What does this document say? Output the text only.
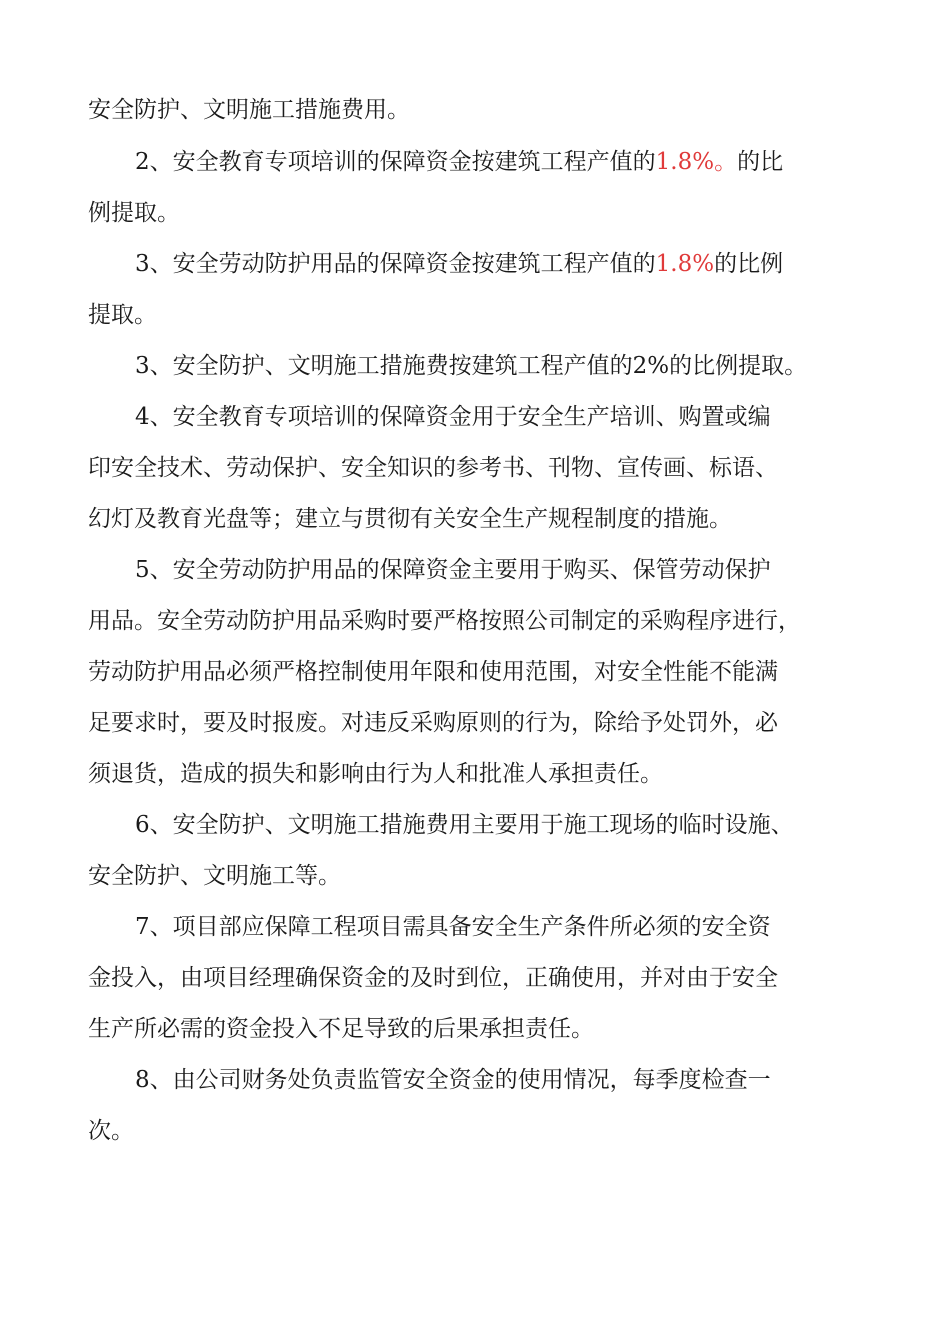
安全防护、文明施工措施费用。
2、安全教育专项培训的保障资金按建筑工程产值的1.8%。的比
例提取。
3、安全劳动防护用品的保障资金按建筑工程产值的1.8%的比例
提取。
3、安全防护、文明施工措施费按建筑工程产值的2%的比例提取。
4、安全教育专项培训的保障资金用于安全生产培训、购置或编
印安全技术、劳动保护、安全知识的参考书、刊物、宣传画、标语、
幻灯及教育光盘等；建立与贯彻有关安全生产规程制度的措施。
5、安全劳动防护用品的保障资金主要用于购买、保管劳动保护
用品。安全劳动防护用品采购时要严格按照公司制定的采购程序进行，
劳动防护用品必须严格控制使用年限和使用范围，对安全性能不能满
足要求时，要及时报废。对违反采购原则的行为，除给予处罚外，必
须退货，造成的损失和影响由行为人和批准人承担责任。
6、安全防护、文明施工措施费用主要用于施工现场的临时设施、
安全防护、文明施工等。
7、项目部应保障工程项目需具备安全生产条件所必须的安全资
金投入，由项目经理确保资金的及时到位，正确使用，并对由于安全
生产所必需的资金投入不足导致的后果承担责任。
8、由公司财务处负责监管安全资金的使用情况，每季度检查一
次。
